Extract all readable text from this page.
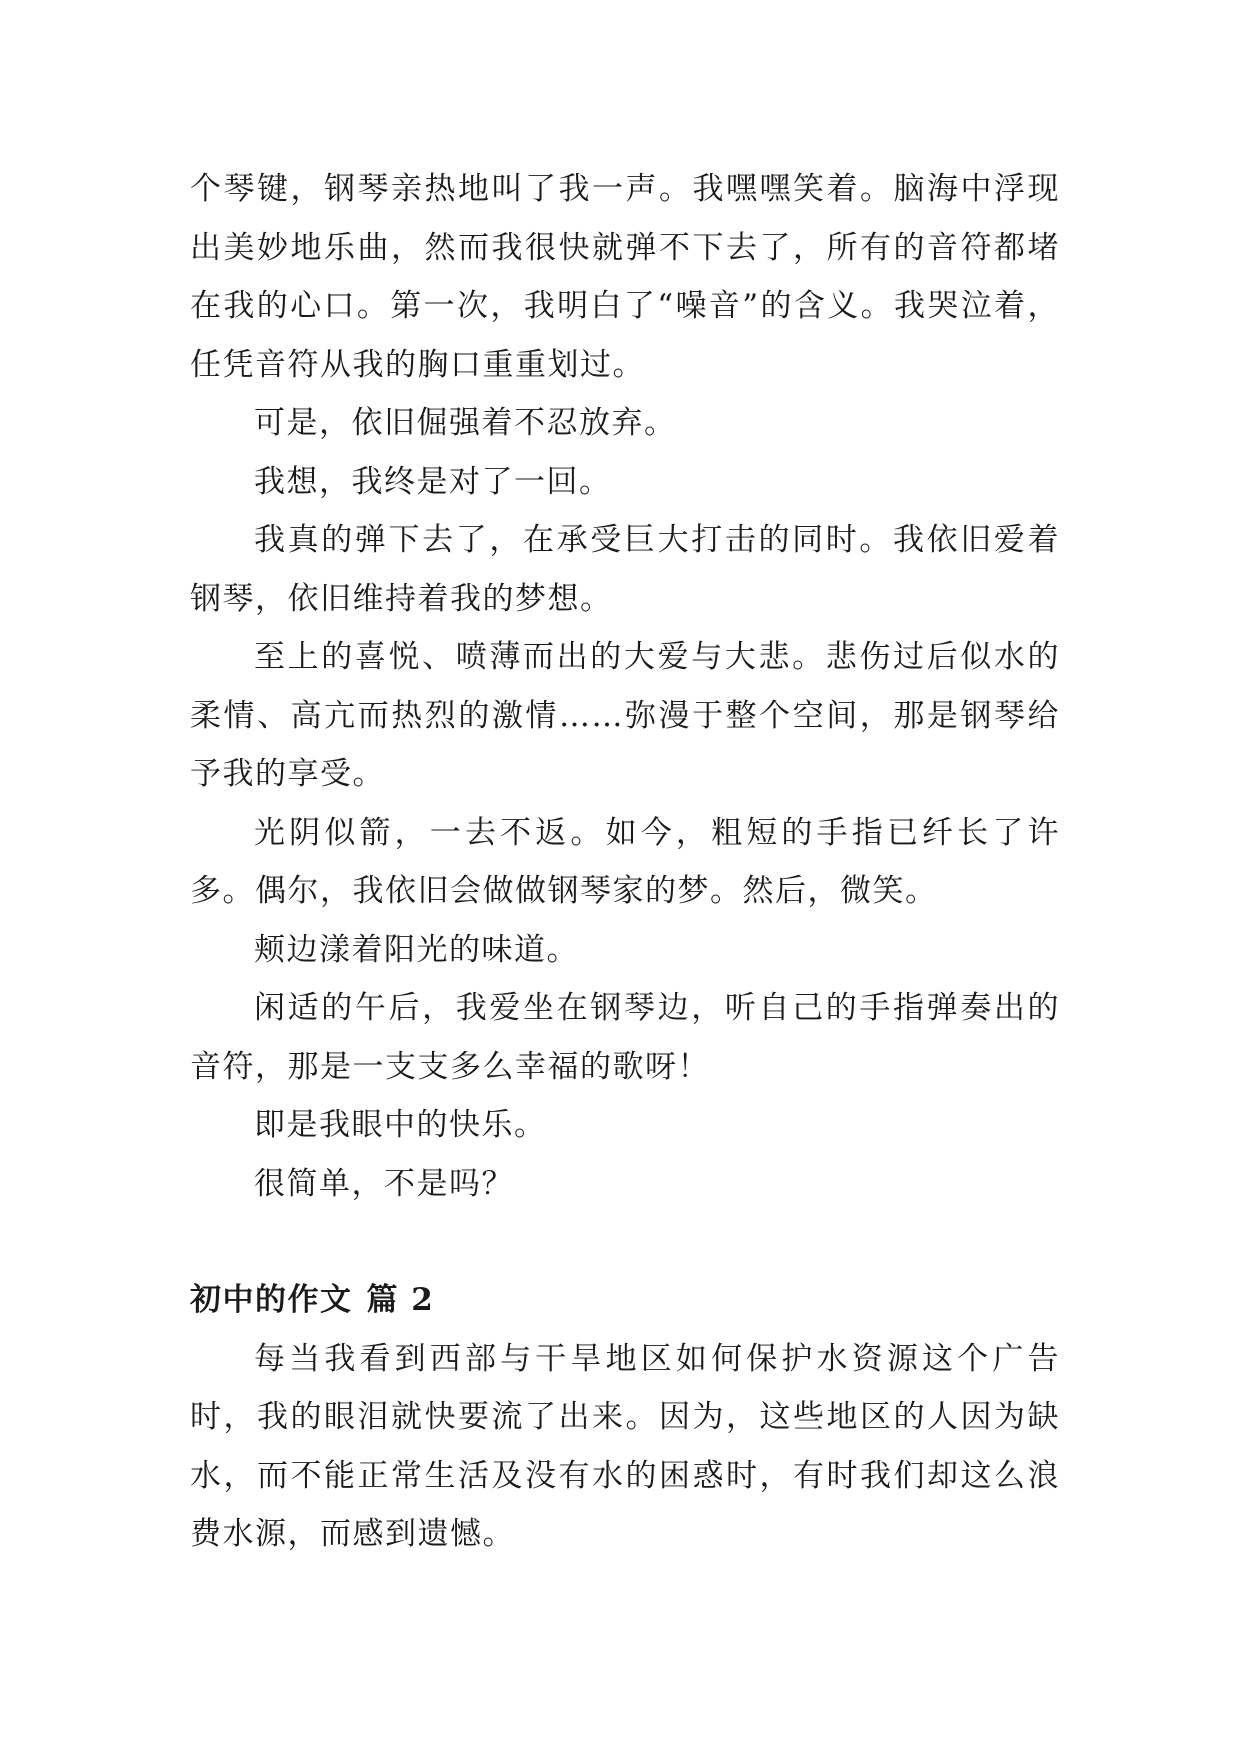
个琴键，钢琴亲热地叫了我一声。我嘿嘿笑着。脑海中浮现出美妙地乐曲，然而我很快就弹不下去了，所有的音符都堵在我的心口。第一次，我明白了“噪音”的含义。我哭泣着，任凭音符从我的胸口重重划过。

可是，依旧倔强着不忍放弃。

我想，我终是对了一回。

我真的弹下去了，在承受巨大打击的同时。我依旧爱着钢琴，依旧维持着我的梦想。

至上的喜悦、喷薄而出的大爱与大悲。悲伤过后似水的柔情、高亢而热烈的激情……弥漫于整个空间，那是钢琴给予我的享受。

光阴似箭，一去不返。如今，粗短的手指已纤长了许多。偶尔，我依旧会做做钢琴家的梦。然后，微笑。

颊边漾着阳光的味道。

闲适的午后，我爱坐在钢琴边，听自己的手指弹奏出的音符，那是一支支多么幸福的歌呀！

即是我眼中的快乐。

很简单，不是吗？

初中的作文 篇 2

每当我看到西部与干旱地区如何保护水资源这个广告时，我的眼泪就快要流了出来。因为，这些地区的人因为缺水，而不能正常生活及没有水的困惑时，有时我们却这么浪费水源，而感到遗憾。
